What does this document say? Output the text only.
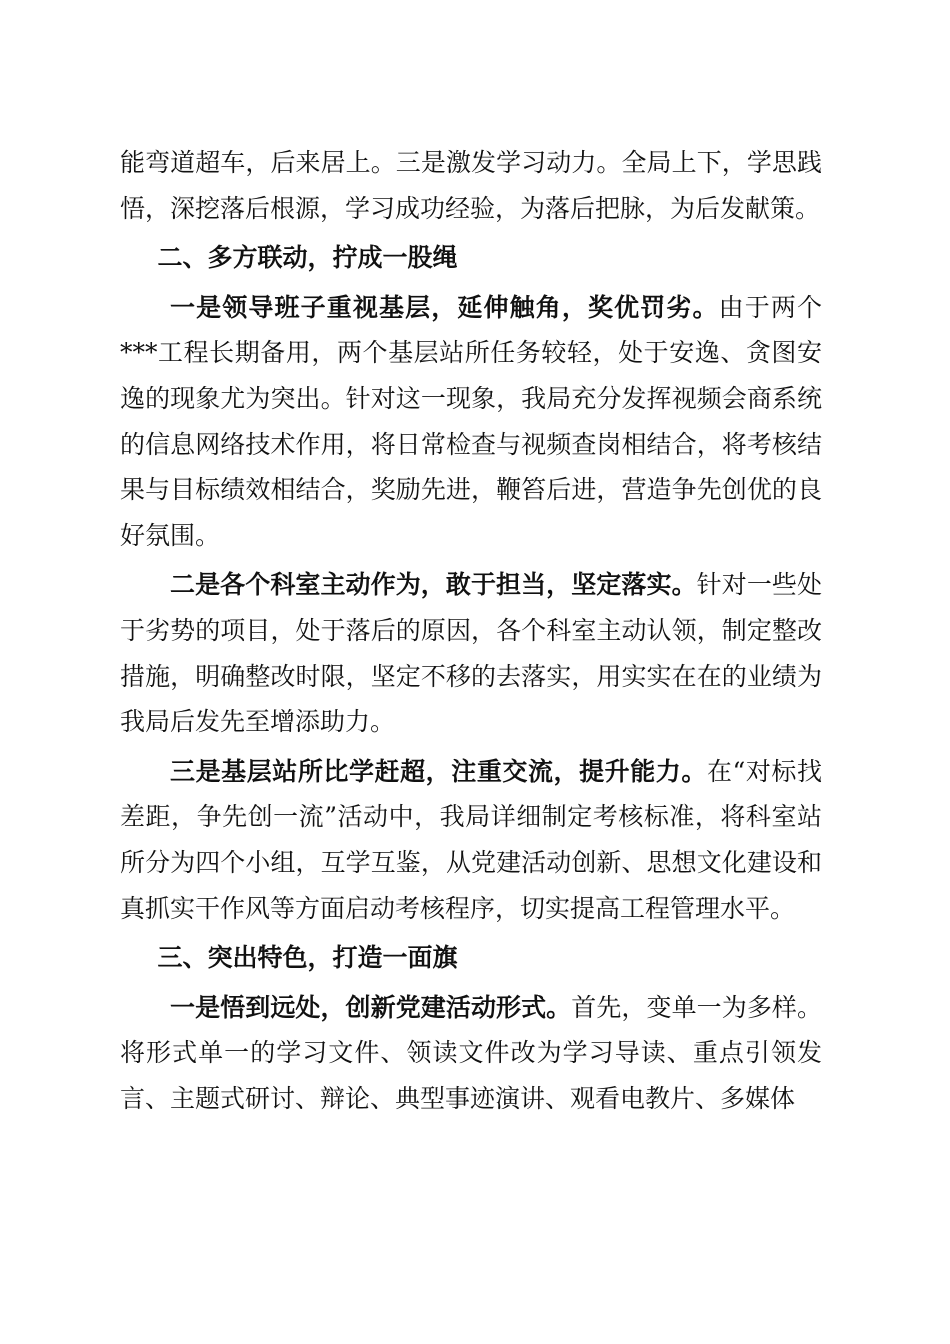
能弯道超车，后来居上。三是激发学习动力。全局上下，学思践悟，深挖落后根源，学习成功经验，为落后把脉，为后发献策。

二、多方联动，拧成一股绳

一是领导班子重视基层，延伸触角，奖优罚劣。由于两个***工程长期备用，两个基层站所任务较轻，处于安逸、贪图安逸的现象尤为突出。针对这一现象，我局充分发挥视频会商系统的信息网络技术作用，将日常检查与视频查岗相结合，将考核结果与目标绩效相结合，奖励先进，鞭笞后进，营造争先创优的良好氛围。

二是各个科室主动作为，敢于担当，坚定落实。针对一些处于劣势的项目，处于落后的原因，各个科室主动认领，制定整改措施，明确整改时限，坚定不移的去落实，用实实在在的业绩为我局后发先至增添助力。

三是基层站所比学赶超，注重交流，提升能力。在“对标找差距，争先创一流”活动中，我局详细制定考核标准，将科室站所分为四个小组，互学互鉴，从党建活动创新、思想文化建设和真抓实干作风等方面启动考核程序，切实提高工程管理水平。

三、突出特色，打造一面旗

一是悟到远处，创新党建活动形式。首先，变单一为多样。将形式单一的学习文件、领读文件改为学习导读、重点引领发言、主题式研讨、辩论、典型事迹演讲、观看电教片、多媒体
